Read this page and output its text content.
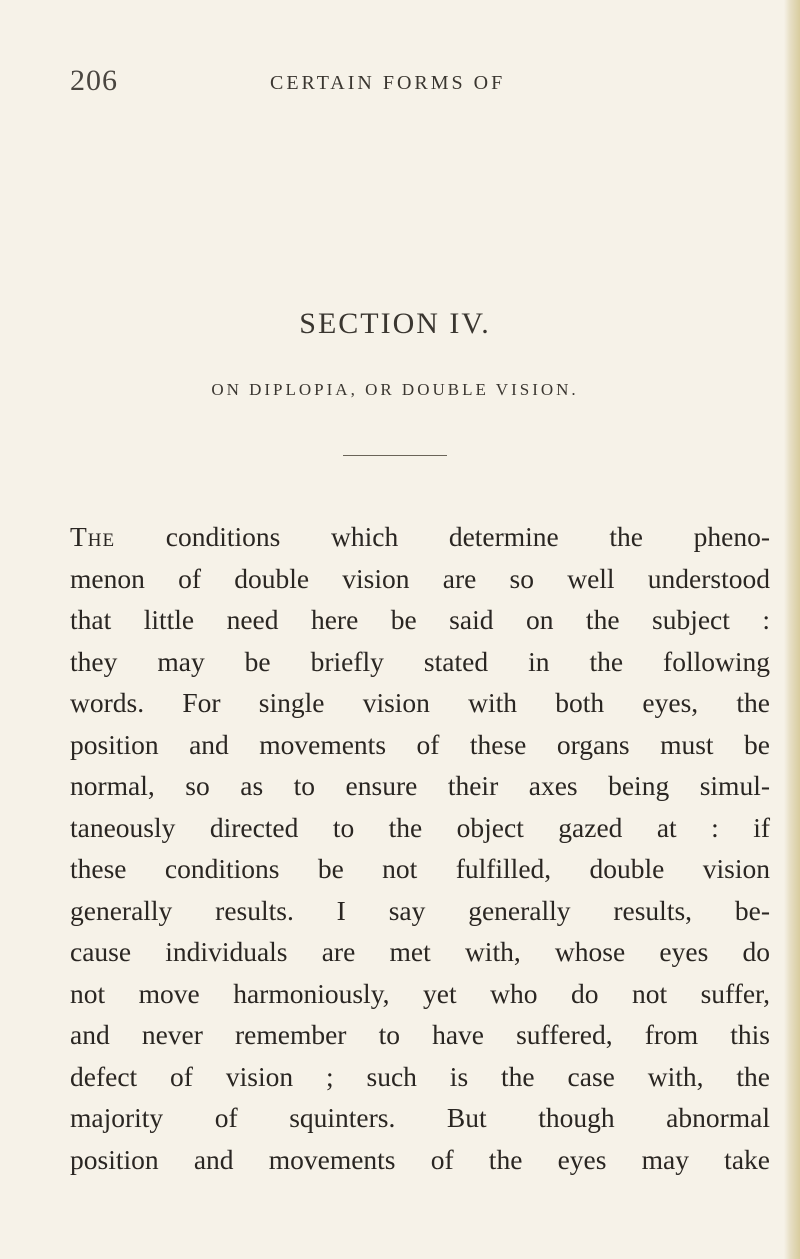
206	CERTAIN FORMS OF
SECTION IV.
ON DIPLOPIA, OR DOUBLE VISION.
The conditions which determine the pheno-
menon of double vision are so well understood
that little need here be said on the subject :
they may be briefly stated in the following
words. For single vision with both eyes, the
position and movements of these organs must be
normal, so as to ensure their axes being simul-
taneously directed to the object gazed at : if
these conditions be not fulfilled, double vision
generally results. I say generally results, be-
cause individuals are met with, whose eyes do
not move harmoniously, yet who do not suffer,
and never remember to have suffered, from this
defect of vision ; such is the case with, the
majority of squinters. But though abnormal
position and movements of the eyes may take
